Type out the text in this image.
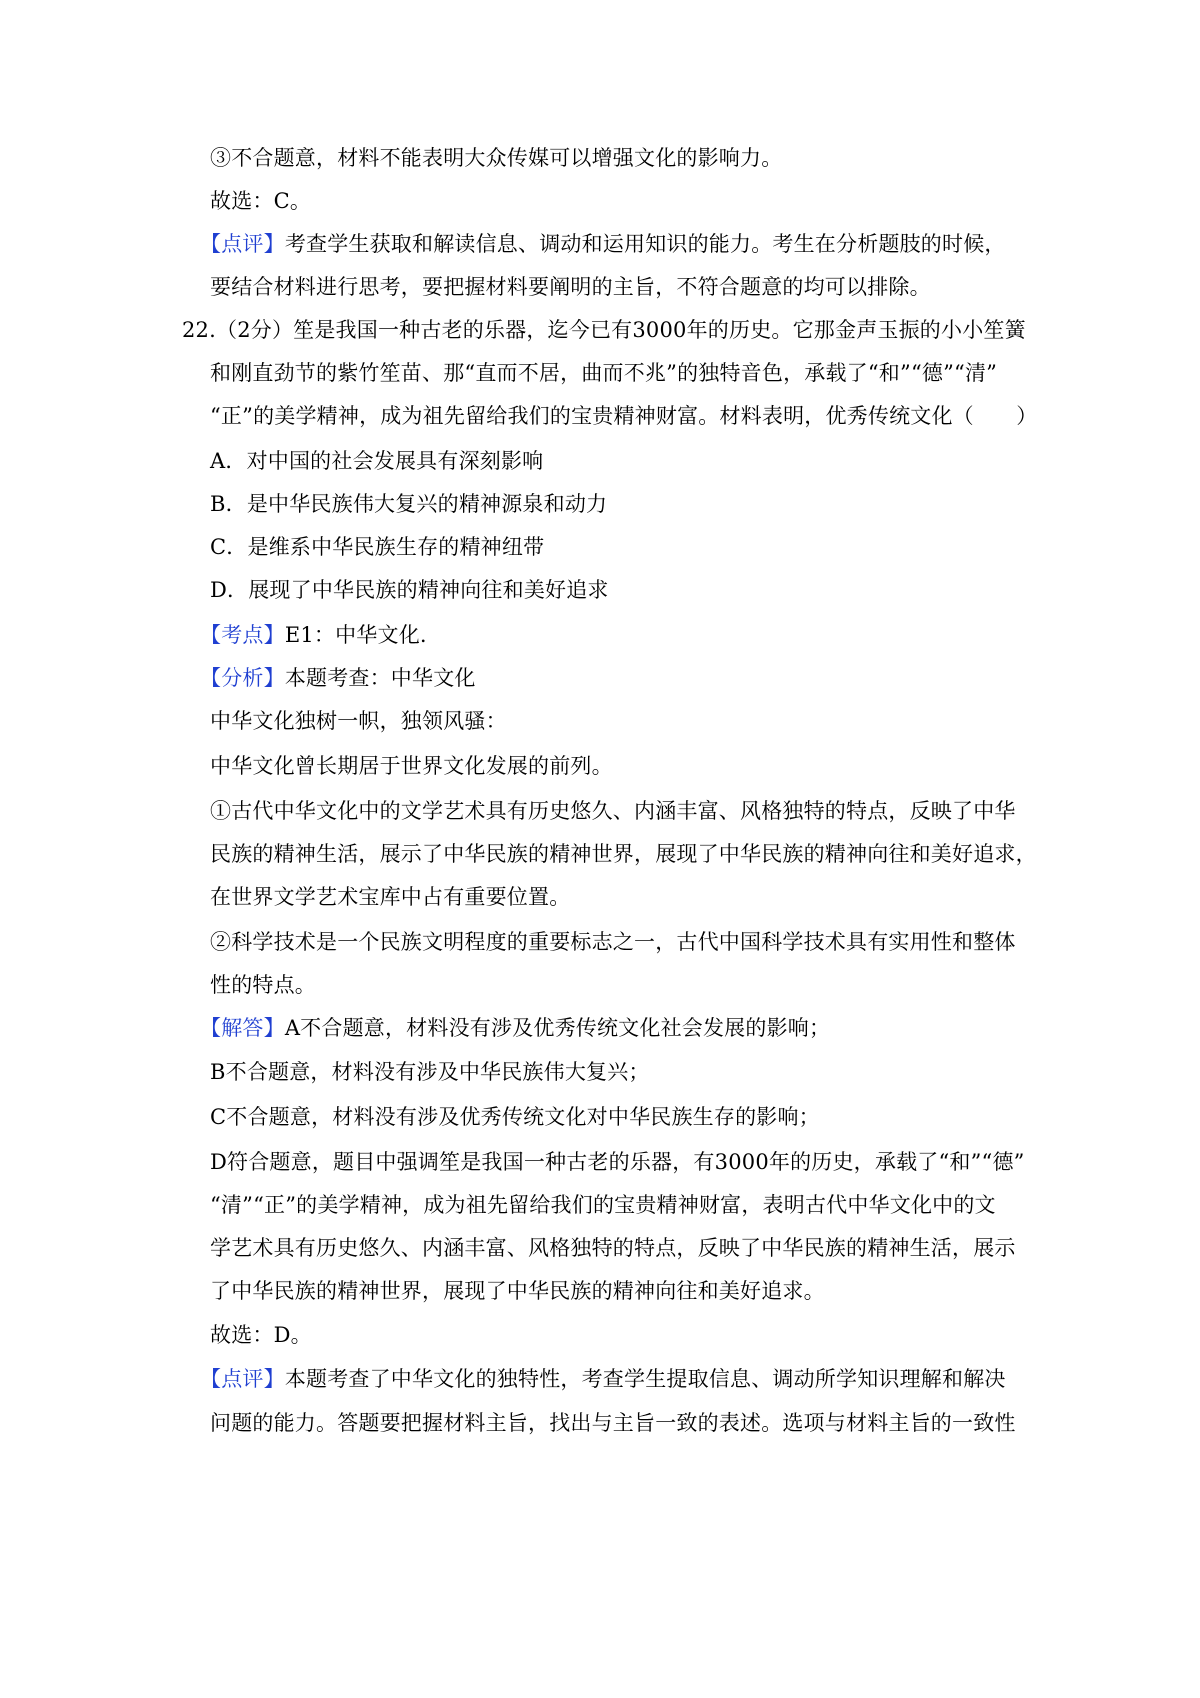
③不合题意，材料不能表明大众传媒可以增强文化的影响力。
故选：C。
【点评】考查学生获取和解读信息、调动和运用知识的能力。考生在分析题肢的时候，
要结合材料进行思考，要把握材料要阐明的主旨，不符合题意的均可以排除。
22.（2分）笙是我国一种古老的乐器，迄今已有3000年的历史。它那金声玉振的小小笙簧
和刚直劲节的紫竹笙苗、那“直而不居，曲而不兆”的独特音色，承载了“和”“德”“清”
“正”的美学精神，成为祖先留给我们的宝贵精神财富。材料表明，优秀传统文化（　　）
A．对中国的社会发展具有深刻影响
B．是中华民族伟大复兴的精神源泉和动力
C．是维系中华民族生存的精神纽带
D．展现了中华民族的精神向往和美好追求
【考点】E1：中华文化.
【分析】本题考查：中华文化
中华文化独树一帜，独领风骚：
中华文化曾长期居于世界文化发展的前列。
①古代中华文化中的文学艺术具有历史悠久、内涵丰富、风格独特的特点，反映了中华
民族的精神生活，展示了中华民族的精神世界，展现了中华民族的精神向往和美好追求，
在世界文学艺术宝库中占有重要位置。
②科学技术是一个民族文明程度的重要标志之一，古代中国科学技术具有实用性和整体
性的特点。
【解答】A不合题意，材料没有涉及优秀传统文化社会发展的影响；
B不合题意，材料没有涉及中华民族伟大复兴；
C不合题意，材料没有涉及优秀传统文化对中华民族生存的影响；
D符合题意，题目中强调笙是我国一种古老的乐器，有3000年的历史，承载了“和”“德”
“清”“正”的美学精神，成为祖先留给我们的宝贵精神财富，表明古代中华文化中的文
学艺术具有历史悠久、内涵丰富、风格独特的特点，反映了中华民族的精神生活，展示
了中华民族的精神世界，展现了中华民族的精神向往和美好追求。
故选：D。
【点评】本题考查了中华文化的独特性，考查学生提取信息、调动所学知识理解和解决
问题的能力。答题要把握材料主旨，找出与主旨一致的表述。选项与材料主旨的一致性
